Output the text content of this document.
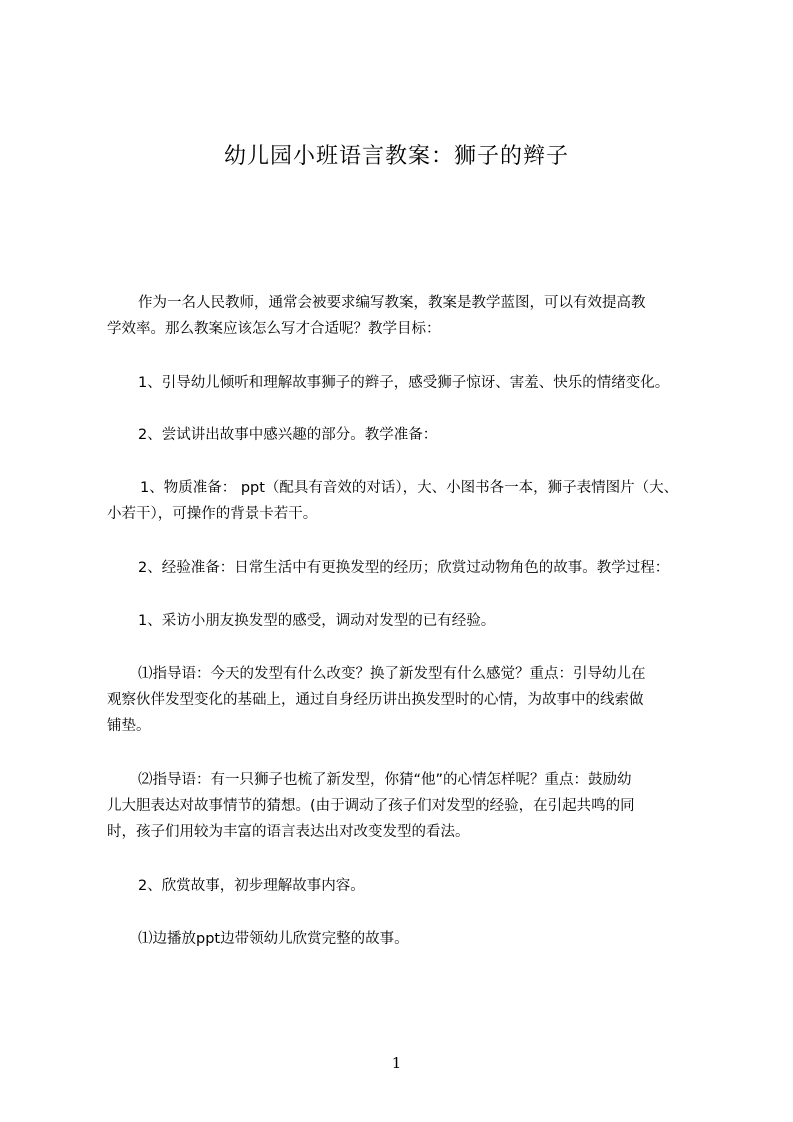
幼儿园小班语言教案：狮子的辫子
作为一名人民教师，通常会被要求编写教案，教案是教学蓝图，可以有效提高教
学效率。那么教案应该怎么写才合适呢？教学目标：
1、引导幼儿倾听和理解故事狮子的辫子，感受狮子惊讶、害羞、快乐的情绪变化。
2、尝试讲出故事中感兴趣的部分。教学准备：
1、物质准备： ppt（配具有音效的对话），大、小图书各一本，狮子表情图片（大、
小若干），可操作的背景卡若干。
2、经验准备：日常生活中有更换发型的经历；欣赏过动物角色的故事。教学过程：
1、采访小朋友换发型的感受，调动对发型的已有经验。
⑴指导语：今天的发型有什么改变？换了新发型有什么感觉？重点：引导幼儿在
观察伙伴发型变化的基础上，通过自身经历讲出换发型时的心情，为故事中的线索做
铺垫。
⑵指导语：有一只狮子也梳了新发型，你猜“他”的心情怎样呢？重点：鼓励幼
儿大胆表达对故事情节的猜想。(由于调动了孩子们对发型的经验，在引起共鸣的同
时，孩子们用较为丰富的语言表达出对改变发型的看法。
2、欣赏故事，初步理解故事内容。
⑴边播放ppt边带领幼儿欣赏完整的故事。
1
